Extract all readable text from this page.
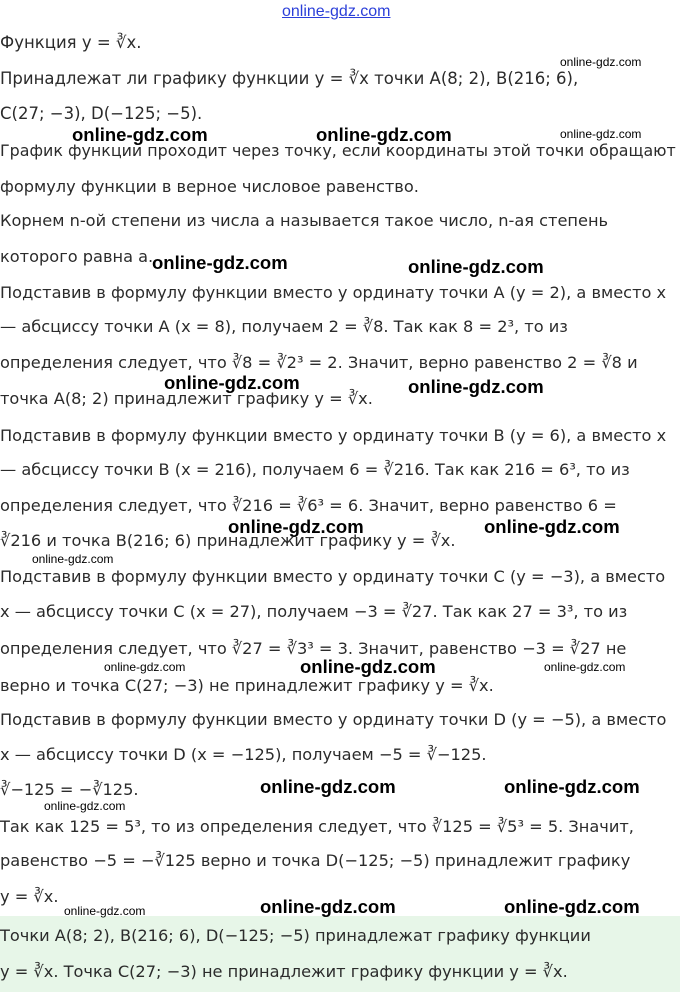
online-gdz.com
Функция y = ∛x.
Принадлежат ли графику функции y = ∛x точки A(8; 2), B(216; 6),
C(27; −3), D(−125; −5).
График функции проходит через точку, если координаты этой точки обращают
формулу функции в верное числовое равенство.
Корнем n-ой степени из числа a называется такое число, n-ая степень
которого равна a.
Подставив в формулу функции вместо y ординату точки A (y = 2), а вместо x
— абсциссу точки A (x = 8), получаем 2 = ∛8. Так как 8 = 2³, то из
определения следует, что ∛8 = ∛2³ = 2. Значит, верно равенство 2 = ∛8 и
точка A(8; 2) принадлежит графику y = ∛x.
Подставив в формулу функции вместо y ординату точки B (y = 6), а вместо x
— абсциссу точки B (x = 216), получаем 6 = ∛216. Так как 216 = 6³, то из
определения следует, что ∛216 = ∛6³ = 6. Значит, верно равенство 6 =
∛216 и точка B(216; 6) принадлежит графику y = ∛x.
Подставив в формулу функции вместо y ординату точки C (y = −3), а вместо
x — абсциссу точки C (x = 27), получаем −3 = ∛27. Так как 27 = 3³, то из
определения следует, что ∛27 = ∛3³ = 3. Значит, равенство −3 = ∛27 не
верно и точка C(27; −3) не принадлежит графику y = ∛x.
Подставив в формулу функции вместо y ординату точки D (y = −5), а вместо
x — абсциссу точки D (x = −125), получаем −5 = ∛−125.
∛−125 = −∛125.
Так как 125 = 5³, то из определения следует, что ∛125 = ∛5³ = 5. Значит,
равенство −5 = −∛125 верно и точка D(−125; −5) принадлежит графику
y = ∛x.
Точки A(8; 2), B(216; 6), D(−125; −5) принадлежат графику функции
y = ∛x. Точка C(27; −3) не принадлежит графику функции y = ∛x.
online-gdz.com
online-gdz.com	online-gdz.com	online-gdz.com
online-gdz.com	online-gdz.com
online-gdz.com	online-gdz.com
online-gdz.com	online-gdz.com
online-gdz.com
online-gdz.com	online-gdz.com	online-gdz.com
online-gdz.com	online-gdz.com
online-gdz.com
online-gdz.com	online-gdz.com
online-gdz.com
